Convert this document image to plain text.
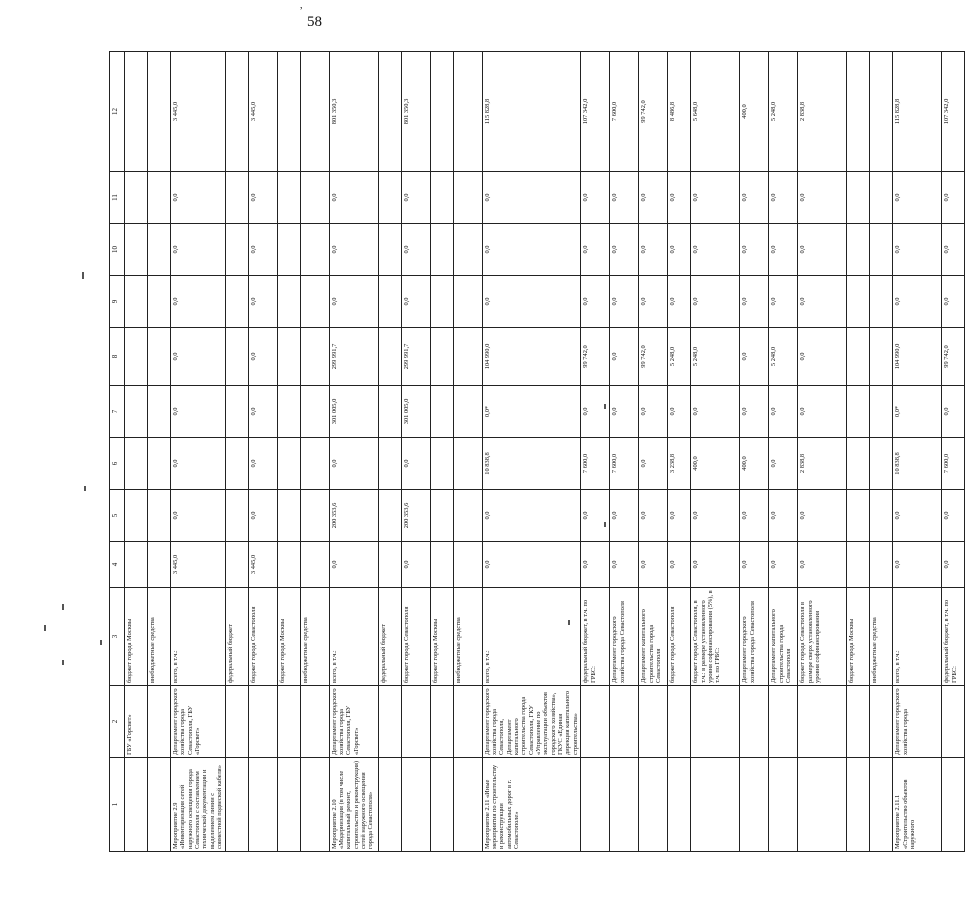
,
58
1	2	3	4	5	6	7	8	9	10	11	12
	ГБУ «Горсвет»	бюджет города Москвы									
		внебюджетные средства									
Мероприятие 2.9 «Инвентаризация сетей наружного освещения города Севастополя с составлением технической документации и выделением линии с совместной подвеской кабеля»	Департамент городского хозяйства города Севастополя, ГБУ «Горсвет»	всего, в т.ч.:	3 445,0	0,0	0,0	0,0	0,0	0,0	0,0	0,0	3 445,0
		федеральный бюджет									
		бюджет города Севастополя	3 445,0	0,0	0,0	0,0	0,0	0,0	0,0	0,0	3 445,0
		бюджет города Москвы									
		внебюджетные средства									
Мероприятие 2.10 «Модернизация (в том числе капитальный ремонт, строительство и реконструкция) сетей наружного освещения города Севастополя»	Департамент городского хозяйства города Севастополя, ГБУ «Горсвет»	всего, в т.ч.:	0,0	200 353,6	0,0	301 005,0	299 991,7	0,0	0,0	0,0	801 350,3
		федеральный бюджет									
		бюджет города Севастополя	0,0	200 353,6	0,0	301 005,0	299 991,7	0,0	0,0	0,0	801 350,3
		бюджет города Москвы									
		внебюджетные средства									
Мероприятие 2.11 «Иные мероприятия по строительству и реконструкции автомобильных дорог в г. Севастополе»	Департамент городского хозяйства города Севастополя, Департамент капитального строительства города Севастополя, ГКУ «Управление по эксплуатации объектов городского хозяйства», ГКУС «Единая дирекция капитального строительства»	всего, в т.ч.:	0,0	0,0	10 838,8	0,0*	104 990,0	0,0	0,0	0,0	115 828,8
		федеральный бюджет, в т.ч. по ГРБС:	0,0	0,0	7 600,0	0,0	99 742,0	0,0	0,0	0,0	107 342,0
		Департамент городского хозяйства города Севастополя	0,0	0,0	7 600,0	0,0	0,0	0,0	0,0	0,0	7 600,0
		Департамент капитального строительства города Севастополя	0,0	0,0	0,0	0,0	99 742,0	0,0	0,0	0,0	99 742,0
		бюджет города Севастополя	0,0	0,0	3 238,8	0,0	5 248,0	0,0	0,0	0,0	8 486,8
		бюджет города Севастополя, в т.ч.: в размере установленного уровня софинансирования (5%), в т.ч. по ГРБС:	0,0	0,0	400,0	0,0	5 248,0	0,0	0,0	0,0	5 648,0
		Департамент городского хозяйства города Севастополя	0,0	0,0	400,0	0,0	0,0	0,0	0,0	0,0	400,0
		Департамент капитального строительства города Севастополя	0,0	0,0	0,0	0,0	5 248,0	0,0	0,0	0,0	5 248,0
		бюджет города Севастополя в размере сверх установленного уровня софинансирования	0,0	0,0	2 838,8	0,0	0,0	0,0	0,0	0,0	2 838,8
		бюджет города Москвы									
		внебюджетные средства									
Мероприятие 2.11.1 «Строительство объектов наружного	Департамент городского хозяйства города	всего, в т.ч.:	0,0	0,0	10 838,8	0,0*	104 990,0	0,0	0,0	0,0	115 828,8
		федеральный бюджет, в т.ч. по ГРБС:	0,0	0,0	7 600,0	0,0	99 742,0	0,0	0,0	0,0	107 342,0
